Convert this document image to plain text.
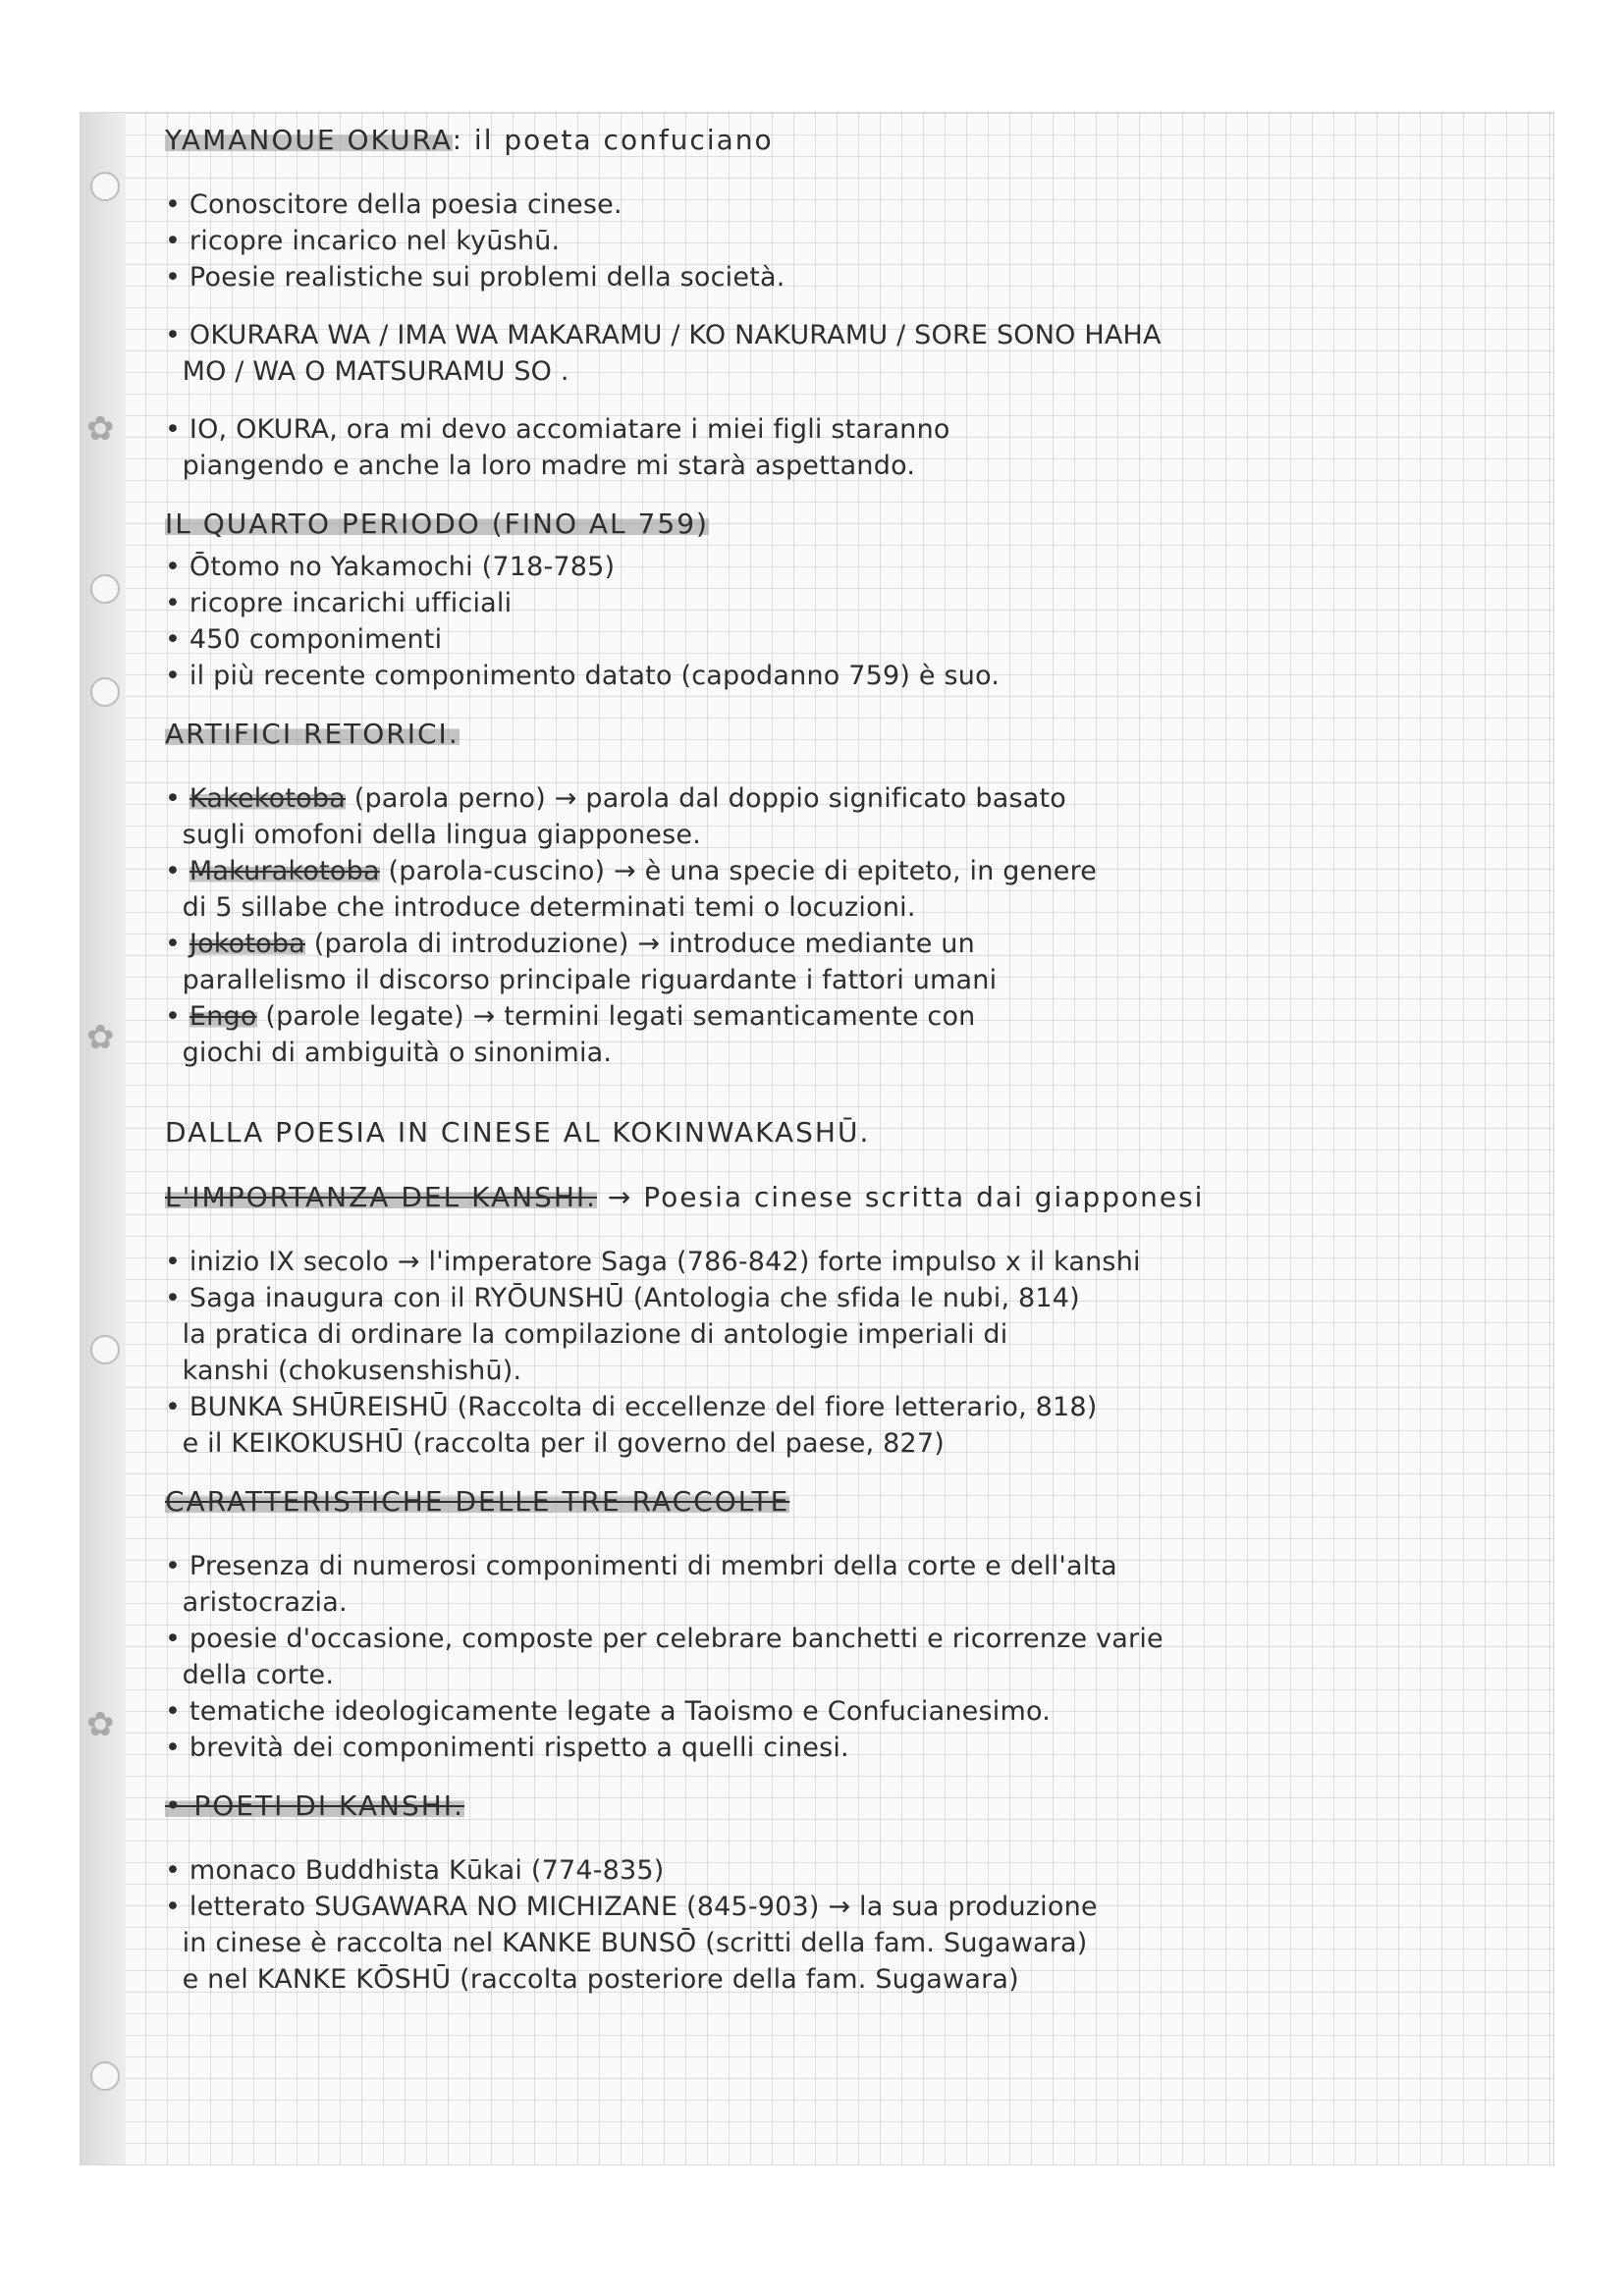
✿
✿
✿
YAMANOUE OKURA: il poeta confuciano
• Conoscitore della poesia cinese.
• ricopre incarico nel kyūshū.
• Poesie realistiche sui problemi della società.
• OKURARA WA / IMA WA MAKARAMU / KO NAKURAMU / SORE SONO HAHA
MO / WA O MATSURAMU SO .
• IO, OKURA, ora mi devo accomiatare i miei figli staranno
piangendo e anche la loro madre mi starà aspettando.
IL QUARTO PERIODO (FINO AL 759)
• Ōtomo no Yakamochi (718-785)
• ricopre incarichi ufficiali
• 450 componimenti
• il più recente componimento datato (capodanno 759) è suo.
ARTIFICI RETORICI.
• Kakekotoba (parola perno) → parola dal doppio significato basato
sugli omofoni della lingua giapponese.
• Makurakotoba (parola-cuscino) → è una specie di epiteto, in genere
di 5 sillabe che introduce determinati temi o locuzioni.
• Jokotoba (parola di introduzione) → introduce mediante un
parallelismo il discorso principale riguardante i fattori umani
• Engo (parole legate) → termini legati semanticamente con
giochi di ambiguità o sinonimia.
DALLA POESIA IN CINESE AL KOKINWAKASHŪ.
L'IMPORTANZA DEL KANSHI. → Poesia cinese scritta dai giapponesi
• inizio IX secolo → l'imperatore Saga (786-842) forte impulso x il kanshi
• Saga inaugura con il RYŌUNSHŪ (Antologia che sfida le nubi, 814)
la pratica di ordinare la compilazione di antologie imperiali di
kanshi (chokusenshishū).
• BUNKA SHŪREISHŪ (Raccolta di eccellenze del fiore letterario, 818)
e il KEIKOKUSHŪ (raccolta per il governo del paese, 827)
CARATTERISTICHE DELLE TRE RACCOLTE
• Presenza di numerosi componimenti di membri della corte e dell'alta
aristocrazia.
• poesie d'occasione, composte per celebrare banchetti e ricorrenze varie
della corte.
• tematiche ideologicamente legate a Taoismo e Confucianesimo.
• brevità dei componimenti rispetto a quelli cinesi.
• POETI DI KANSHI.
• monaco Buddhista Kūkai (774-835)
• letterato SUGAWARA NO MICHIZANE (845-903) → la sua produzione
in cinese è raccolta nel KANKE BUNSŌ (scritti della fam. Sugawara)
e nel KANKE KŌSHŪ (raccolta posteriore della fam. Sugawara)
